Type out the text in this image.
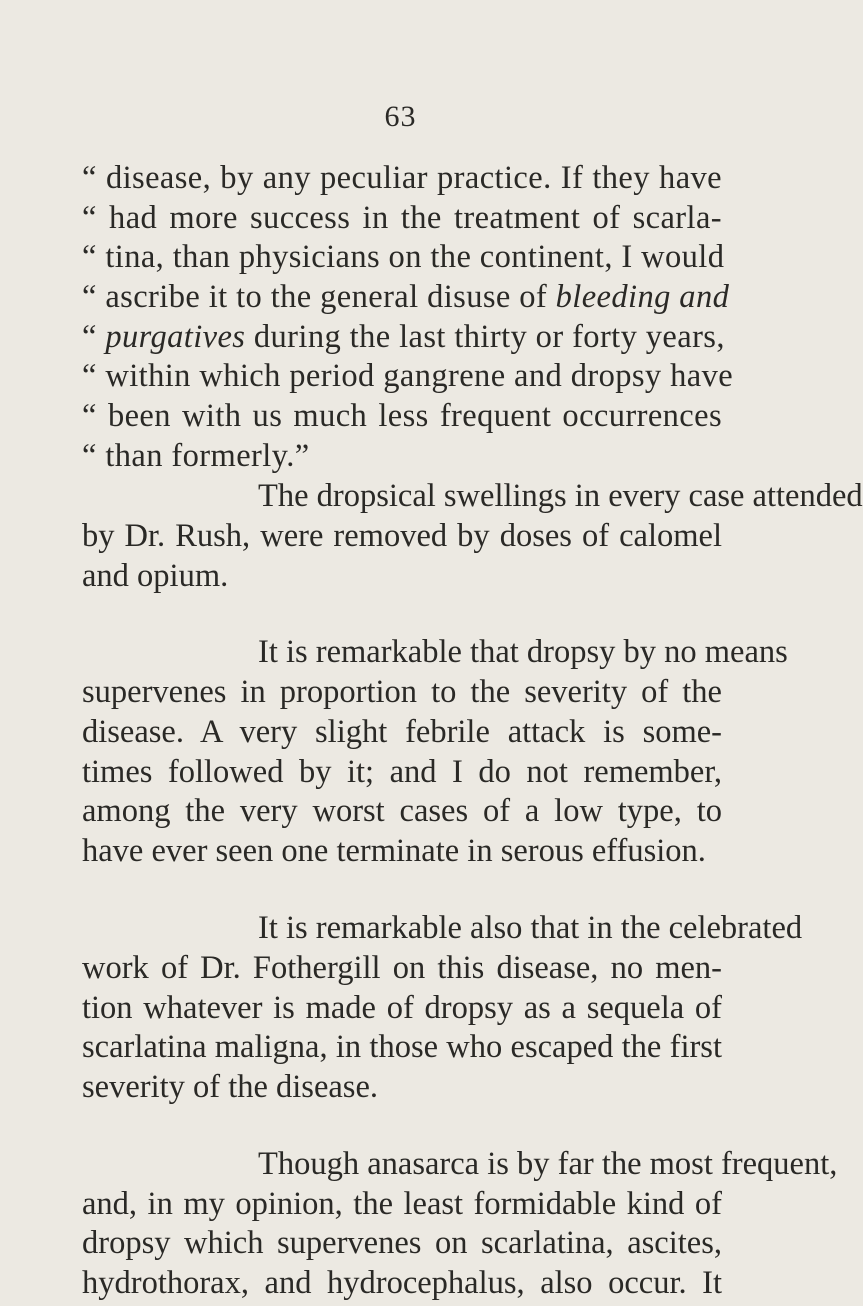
63
“ disease, by any peculiar practice. If they have
“ had more success in the treatment of scarla-
“ tina, than physicians on the continent, I would
“ ascribe it to the general disuse of bleeding and
“ purgatives during the last thirty or forty years,
“ within which period gangrene and dropsy have
“ been with us much less frequent occurrences
“ than formerly.”
The dropsical swellings in every case attended
by Dr. Rush, were removed by doses of calomel
and opium.
It is remarkable that dropsy by no means
supervenes in proportion to the severity of the
disease. A very slight febrile attack is some-
times followed by it; and I do not remember,
among the very worst cases of a low type, to
have ever seen one terminate in serous effusion.
It is remarkable also that in the celebrated
work of Dr. Fothergill on this disease, no men-
tion whatever is made of dropsy as a sequela of
scarlatina maligna, in those who escaped the first
severity of the disease.
Though anasarca is by far the most frequent,
and, in my opinion, the least formidable kind of
dropsy which supervenes on scarlatina, ascites,
hydrothorax, and hydrocephalus, also occur. It
